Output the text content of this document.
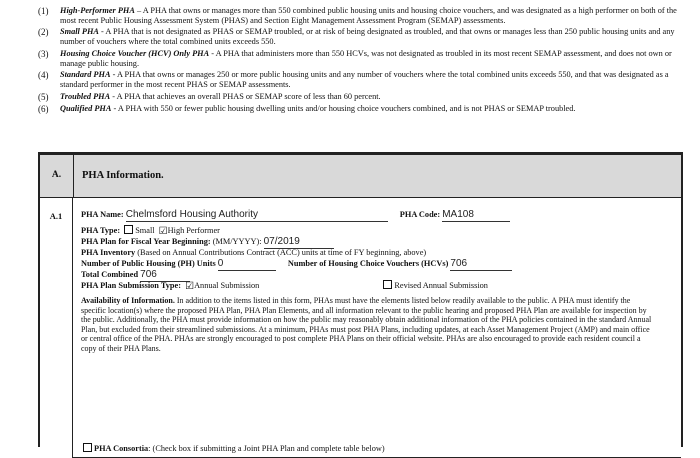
(1)	High-Performer PHA – A PHA that owns or manages more than 550 combined public housing units and housing choice vouchers, and was designated as a high performer on both of the most recent Public Housing Assessment System (PHAS) and Section Eight Management Assessment Program (SEMAP) assessments.
(2)	Small PHA - A PHA that is not designated as PHAS or SEMAP troubled, or at risk of being designated as troubled, and that owns or manages less than 250 public housing units and any number of vouchers where the total combined units exceeds 550.
(3)	Housing Choice Voucher (HCV) Only PHA - A PHA that administers more than 550 HCVs, was not designated as troubled in its most recent SEMAP assessment, and does not own or manage public housing.
(4)	Standard PHA - A PHA that owns or manages 250 or more public housing units and any number of vouchers where the total combined units exceeds 550, and that was designated as a standard performer in the most recent PHAS or SEMAP assessments.
(5)	Troubled PHA - A PHA that achieves an overall PHAS or SEMAP score of less than 60 percent.
(6)	Qualified PHA - A PHA with 550 or fewer public housing dwelling units and/or housing choice vouchers combined, and is not PHAS or SEMAP troubled.
A.	PHA Information.
A.1	PHA Name: Chelmsford Housing Authority	PHA Code: MA108
PHA Type: Small ☑High Performer
PHA Plan for Fiscal Year Beginning: (MM/YYYY): 07/2019
PHA Inventory (Based on Annual Contributions Contract (ACC) units at time of FY beginning, above)
Number of Public Housing (PH) Units 0	Number of Housing Choice Vouchers (HCVs) 706
Total Combined 706
PHA Plan Submission Type: ☑Annual Submission	Revised Annual Submission
Availability of Information. In addition to the items listed in this form, PHAs must have the elements listed below readily available to the public. A PHA must identify the specific location(s) where the proposed PHA Plan, PHA Plan Elements, and all information relevant to the public hearing and proposed PHA Plan are available for inspection by the public. Additionally, the PHA must provide information on how the public may reasonably obtain additional information of the PHA policies contained in the standard Annual Plan, but excluded from their streamlined submissions. At a minimum, PHAs must post PHA Plans, including updates, at each Asset Management Project (AMP) and main office or central office of the PHA. PHAs are strongly encouraged to post complete PHA Plans on their official website. PHAs are also encouraged to provide each resident council a copy of their PHA Plans.
PHA Consortia: (Check box if submitting a Joint PHA Plan and complete table below)
